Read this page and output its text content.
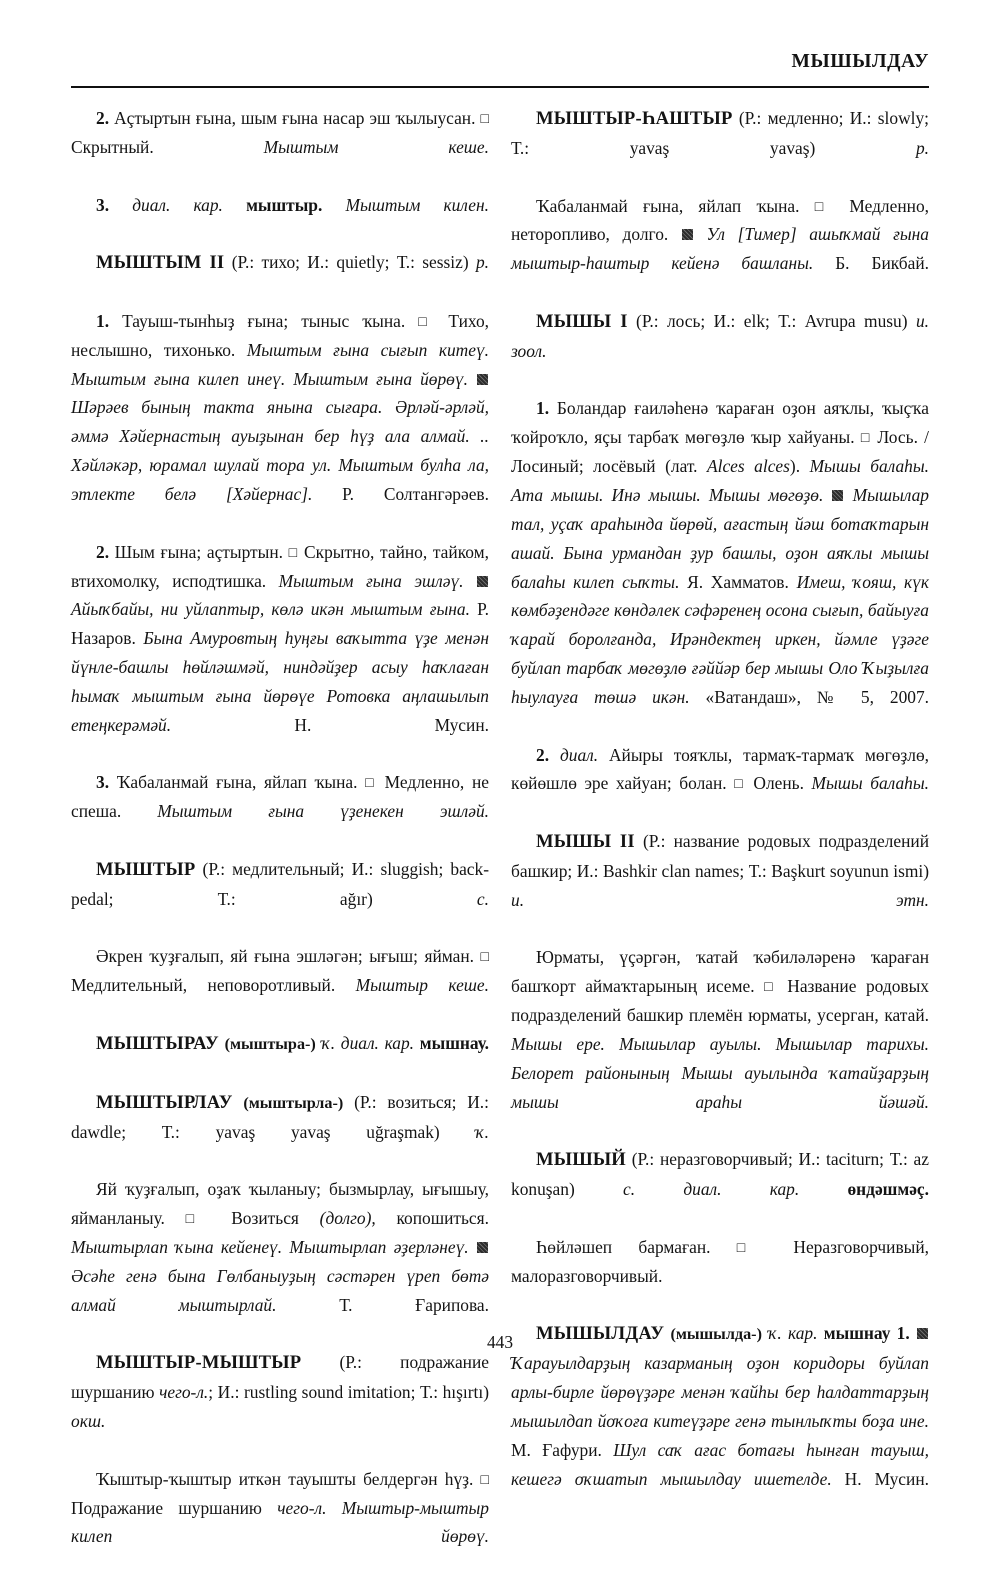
МЫШЫЛДАУ

2. Аçтыртын ғына, шым ғына насар эш ҡылыусан. □ Скрытный. Мыштым кеше.

3. диал. кар. мыштыр. Мыштым килен.

МЫШТЫМ II (Р.: тихо; И.: quietly; Т.: sessiz) р.

1. Тауыш-тынһыҙ ғына; тыныс ҡына. □ Тихо, неслышно, тихонько. Мыштым ғына сығып китеү. Мыштым ғына килеп инеү. Мыштым ғына йөрөү.  Шәрәев бының такта янына сығара. Әрләй-әрләй, әммә Хәйернастың ауыҙынан бер һүҙ ала алмай. .. Хәйләкәр, юрамал шулай тора ул. Мыштым булһа ла, этлекте белә [Хәйернас]. Р. Солтангәрәев.

2. Шым ғына; аçтыртын. □ Скрытно, тайно, тайком, втихомолку, исподтишка. Мыштым ғына эшләү.  Айыҡбайы, ни уйлаптыр, көлә икән мыштым ғына. Р. Назаров. Бына Амуровтың һуңғы ваҡытта үҙе менән йүнле-башлы һөйләшмәй, ниндәйҙер асыу һаҡлаған һымаҡ мыштым ғына йөрөүе Ротовка аңлашылып етеңкерәмәй. Н. Мусин.

3. Ҡабаланмай ғына, яйлап ҡына. □ Медленно, не спеша. Мыштым ғына үҙенекен эшләй.

МЫШТЫР (Р.: медлительный; И.: sluggish; back-pedal; Т.: ağır) с.

Әкрен ҡуҙғалып, яй ғына эшләгән; ығыш; яйман. □ Медлительный, неповоротливый. Мыштыр кеше.

МЫШТЫРАУ (мыштыра-) ҡ. диал. кар. мышнау.

МЫШТЫРЛАУ (мыштырла-) (Р.: возиться; И.: dawdle; Т.: yavaş yavaş uğraşmak) ҡ.

Яй ҡуҙғалып, оҙаҡ ҡыланыу; бызмырлау, ығышыу, яйманланыу. □ Возиться (долго), копошиться. Мыштырлап ҡына кейенеү. Мыштырлап әҙерләнеү.  Әсәһе генә бына Гөлбаныуҙың сәстәрен үреп бөтә алмай мыштырлай. Т. Ғарипова.

МЫШТЫР-МЫШТЫР (Р.: подражание шуршанию чего-л.; И.: rustling sound imitation; Т.: hışırtı) окш.

Ҡыштыр-ҡыштыр иткән тауышты белдергән һүҙ. □ Подражание шуршанию чего-л. Мыштыр-мыштыр килеп йөрөү.

МЫШТЫР-ҺАШТЫР (Р.: медленно; И.: slowly; Т.: yavaş yavaş) р.

Ҡабаланмай ғына, яйлап ҡына. □ Медленно, неторопливо, долго.  Ул [Тимер] ашыҡмай ғына мыштыр-һаштыр кейенә башланы. Б. Бикбай.

МЫШЫ I (Р.: лось; И.: elk; Т.: Avrupa musu) и. зоол.

1. Боландар ғаиләһенә ҡараған оҙон аяҡлы, ҡыçҡа ҡойроҡло, яçы тарбаҡ мөгөҙлө ҡыр хайуаны. □ Лось. / Лосиный; лосёвый (лат. Alces alces). Мышы балаһы. Ата мышы. Инә мышы. Мышы мөгөҙө. Мышылар тал, уçаҡ араһында йөрөй, ағастың йәш ботаҡтарын ашай. Бына урмандан ҙур башлы, оҙон аяҡлы мышы балаһы килеп сыҡты. Я. Хамматов. Имеш, ҡояш, күк көмбәҙендәге көндәлек сәфәренең осона сығып, байыуға ҡарай боролғанда, Ирәндектең иркен, йәмле үҙәге буйлап тарбаҡ мөгөҙлө ғәййәр бер мышы Оло Ҡыҙылға һыулауға төшә икән. «Ватандаш», № 5, 2007.

2. диал. Айыры тояҡлы, тармаҡ-тармаҡ мөгөҙлө, көйөшлө эре хайуан; болан. □ Олень. Мышы балаһы.

МЫШЫ II (Р.: название родовых подразделений башкир; И.: Bashkir clan names; Т.: Başkurt soyunun ismi) и. этн.

Юрматы, үçәргән, ҡатай ҡәбиләләренә ҡараған башҡорт аймаҡтарының исеме. □ Название родовых подразделений башкир племён юрматы, усерган, катай. Мышы ере. Мышылар ауылы. Мышылар тарихы. Белорет районының Мышы ауылында ҡатайҙарҙың мышы араһы йәшәй.

МЫШЫЙ (Р.: неразговорчивый; И.: taciturn; Т.: az konuşan) с. диал. кар.	өндәшмәç.

Һөйләшеп бармаған. □ Неразговорчивый, малоразговорчивый.

МЫШЫЛДАУ (мышылда-) ҡ. кар. мышнау 1.  Ҡарауылдарҙың казарманың оҙон коридоры буйлап арлы-бирле йөрөүҙәре менән ҡайһы бер һалдаттарҙың мышылдап йоҡоға китеүҙәре генә тынлыҡты боҙа ине. М. Ғафури. Шул саҡ ағас ботағы һынған тауыш, кешегә оҡшатып мышылдау ишетелде. Н. Мусин.

443
